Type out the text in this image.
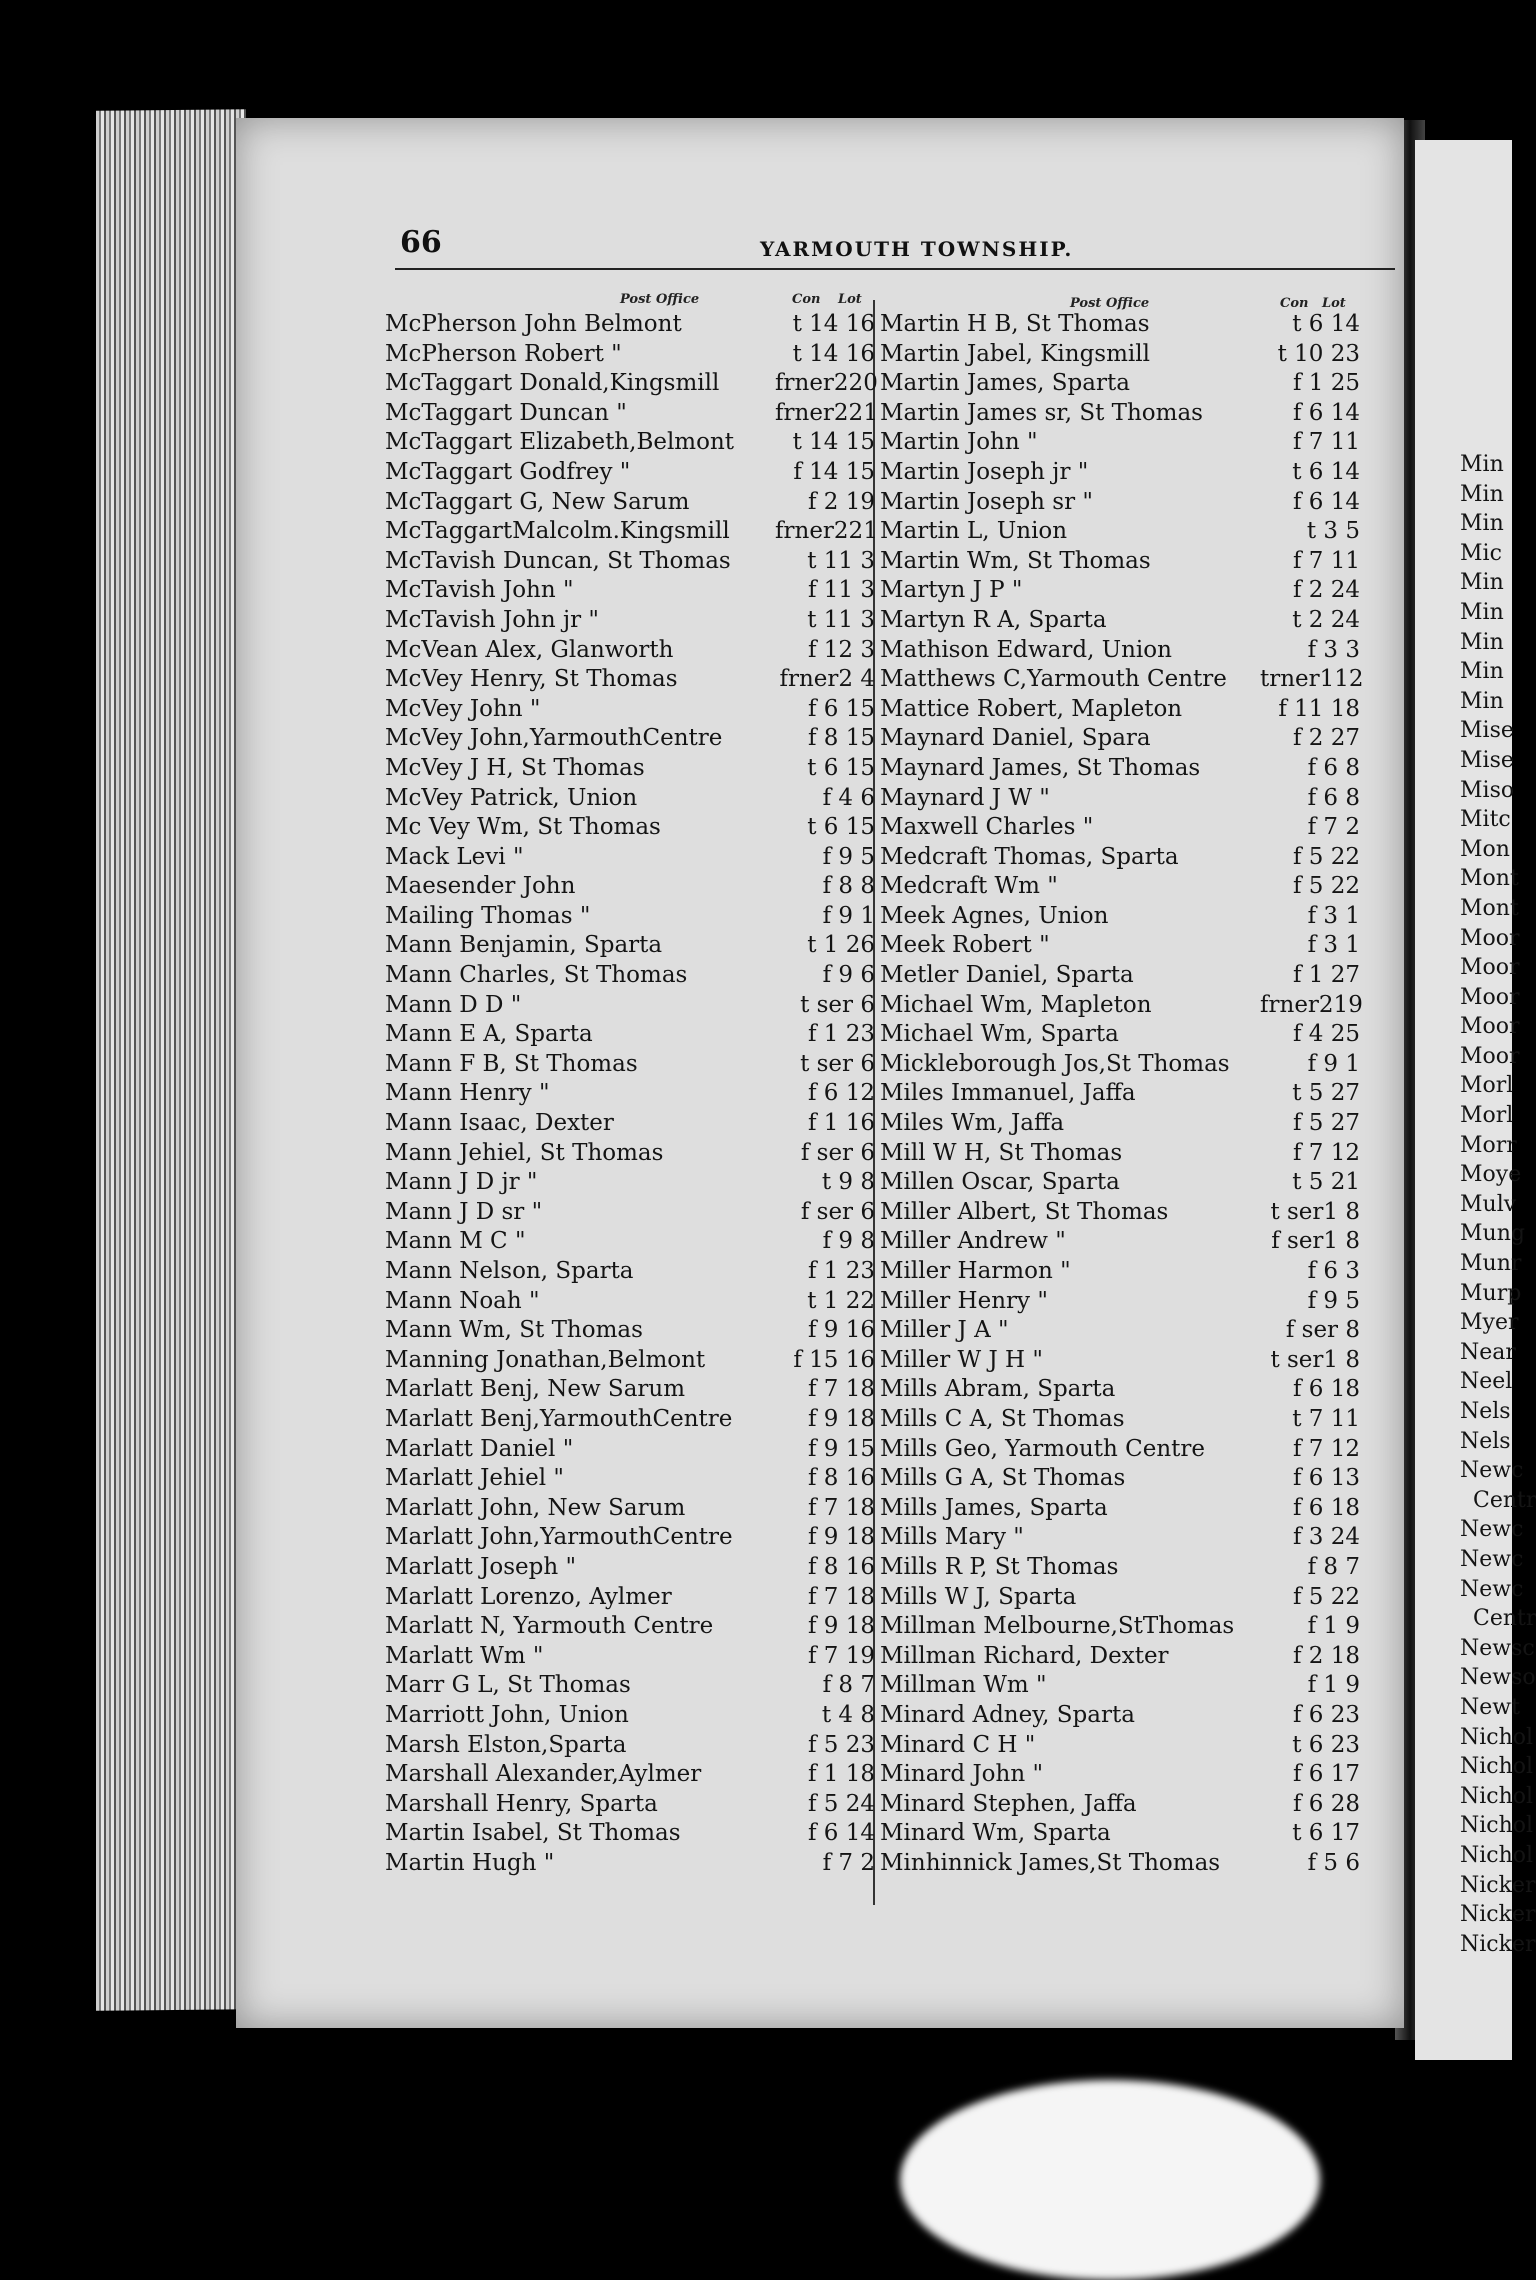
Min
Min
Min
Mic
Min
Min
Min
Min
Min
Mise
Mise
Miso
Mitc
Mon
Mont
Mont
Moor
Moor
Moor
Moor
Moor
Morl
Morl
Morr
Moye
Mulv
Mung
Munr
Murp
Myer
Near
Neel
Nels
Nels
Newc
Centr
Newc
Newc
Newc
Centr
Newsc
Newso
Newt
Nichol
Nichol
Nichol
Nichol
Nichol
Nicker
Nicker
Nicker
66	YARMOUTH TOWNSHIP.
Post Office	Con Lot	Post Office	Con Lot
McPherson John Belmont	t 14 16
McPherson Robert "	t 14 16
McTaggart Donald,Kingsmill	frner220
McTaggart Duncan "	frner221
McTaggart Elizabeth,Belmont	t 14 15
McTaggart Godfrey "	f 14 15
McTaggart G, New Sarum	f 2 19
McTaggartMalcolm.Kingsmill	frner221
McTavish Duncan, St Thomas	t 11 3
McTavish John "	f 11 3
McTavish John jr "	t 11 3
McVean Alex, Glanworth	f 12 3
McVey Henry, St Thomas	frner2 4
McVey John "	f 6 15
McVey John,YarmouthCentre	f 8 15
McVey J H, St Thomas	t 6 15
McVey Patrick, Union	f 4 6
Mc Vey Wm, St Thomas	t 6 15
Mack Levi "	f 9 5
Maesender John	f 8 8
Mailing Thomas "	f 9 1
Mann Benjamin, Sparta	t 1 26
Mann Charles, St Thomas	f 9 6
Mann D D "	t ser 6
Mann E A, Sparta	f 1 23
Mann F B, St Thomas	t ser 6
Mann Henry "	f 6 12
Mann Isaac, Dexter	f 1 16
Mann Jehiel, St Thomas	f ser 6
Mann J D jr "	t 9 8
Mann J D sr "	f ser 6
Mann M C "	f 9 8
Mann Nelson, Sparta	f 1 23
Mann Noah "	t 1 22
Mann Wm, St Thomas	f 9 16
Manning Jonathan,Belmont	f 15 16
Marlatt Benj, New Sarum	f 7 18
Marlatt Benj,YarmouthCentre	f 9 18
Marlatt Daniel "	f 9 15
Marlatt Jehiel "	f 8 16
Marlatt John, New Sarum	f 7 18
Marlatt John,YarmouthCentre	f 9 18
Marlatt Joseph "	f 8 16
Marlatt Lorenzo, Aylmer	f 7 18
Marlatt N, Yarmouth Centre	f 9 18
Marlatt Wm "	f 7 19
Marr G L, St Thomas	f 8 7
Marriott John, Union	t 4 8
Marsh Elston,Sparta	f 5 23
Marshall Alexander,Aylmer	f 1 18
Marshall Henry, Sparta	f 5 24
Martin Isabel, St Thomas	f 6 14
Martin Hugh "	f 7 2
Martin H B, St Thomas	t 6 14
Martin Jabel, Kingsmill	t 10 23
Martin James, Sparta	f 1 25
Martin James sr, St Thomas	f 6 14
Martin John "	f 7 11
Martin Joseph jr "	t 6 14
Martin Joseph sr "	f 6 14
Martin L, Union	t 3 5
Martin Wm, St Thomas	f 7 11
Martyn J P "	f 2 24
Martyn R A, Sparta	t 2 24
Mathison Edward, Union	f 3 3
Matthews C,Yarmouth Centre	trner112
Mattice Robert, Mapleton	f 11 18
Maynard Daniel, Spara	f 2 27
Maynard James, St Thomas	f 6 8
Maynard J W "	f 6 8
Maxwell Charles "	f 7 2
Medcraft Thomas, Sparta	f 5 22
Medcraft Wm "	f 5 22
Meek Agnes, Union	f 3 1
Meek Robert "	f 3 1
Metler Daniel, Sparta	f 1 27
Michael Wm, Mapleton	frner219
Michael Wm, Sparta	f 4 25
Mickleborough Jos,St Thomas	f 9 1
Miles Immanuel, Jaffa	t 5 27
Miles Wm, Jaffa	f 5 27
Mill W H, St Thomas	f 7 12
Millen Oscar, Sparta	t 5 21
Miller Albert, St Thomas	t ser1 8
Miller Andrew "	f ser1 8
Miller Harmon "	f 6 3
Miller Henry "	f 9 5
Miller J A "	f ser 8
Miller W J H "	t ser1 8
Mills Abram, Sparta	f 6 18
Mills C A, St Thomas	t 7 11
Mills Geo, Yarmouth Centre	f 7 12
Mills G A, St Thomas	f 6 13
Mills James, Sparta	f 6 18
Mills Mary "	f 3 24
Mills R P, St Thomas	f 8 7
Mills W J, Sparta	f 5 22
Millman Melbourne,StThomas	f 1 9
Millman Richard, Dexter	f 2 18
Millman Wm "	f 1 9
Minard Adney, Sparta	f 6 23
Minard C H "	t 6 23
Minard John "	f 6 17
Minard Stephen, Jaffa	f 6 28
Minard Wm, Sparta	t 6 17
Minhinnick James,St Thomas	f 5 6
